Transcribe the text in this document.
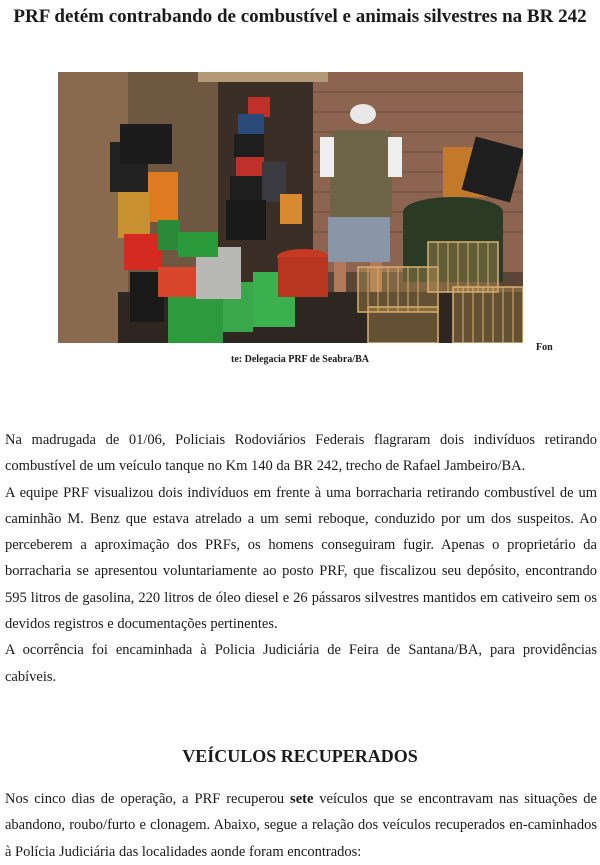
PRF detém contrabando de combustível e animais silvestres na BR 242
Fon
te: Delegacia PRF de Seabra/BA

Na madrugada de 01/06, Policiais Rodoviários Federais flagraram dois indivíduos retirando combustível de um veículo tanque no Km 140 da BR 242, trecho de Rafael Jambeiro/BA.

A equipe PRF visualizou dois indivíduos em frente à uma borracharia retirando combustível de um caminhão M. Benz que estava atrelado a um semi reboque, conduzido por um dos suspeitos. Ao perceberem a aproximação dos PRFs, os homens conseguiram fugir. Apenas o proprietário da borracharia se apresentou voluntariamente ao posto PRF, que fiscalizou seu depósito, encontrando 595 litros de gasolina, 220 litros de óleo diesel e 26 pássaros silvestres mantidos em cativeiro sem os devidos registros e documentações pertinentes.

A ocorrência foi encaminhada à Policia Judiciária de Feira de Santana/BA, para providências cabíveis.

VEÍCULOS RECUPERADOS

Nos cinco dias de operação, a PRF recuperou sete veículos que se encontravam nas situações de abandono, roubo/furto e clonagem. Abaixo, segue a relação dos veículos recuperados en-caminhados à Polícia Judiciária das localidades aonde foram encontrados:
